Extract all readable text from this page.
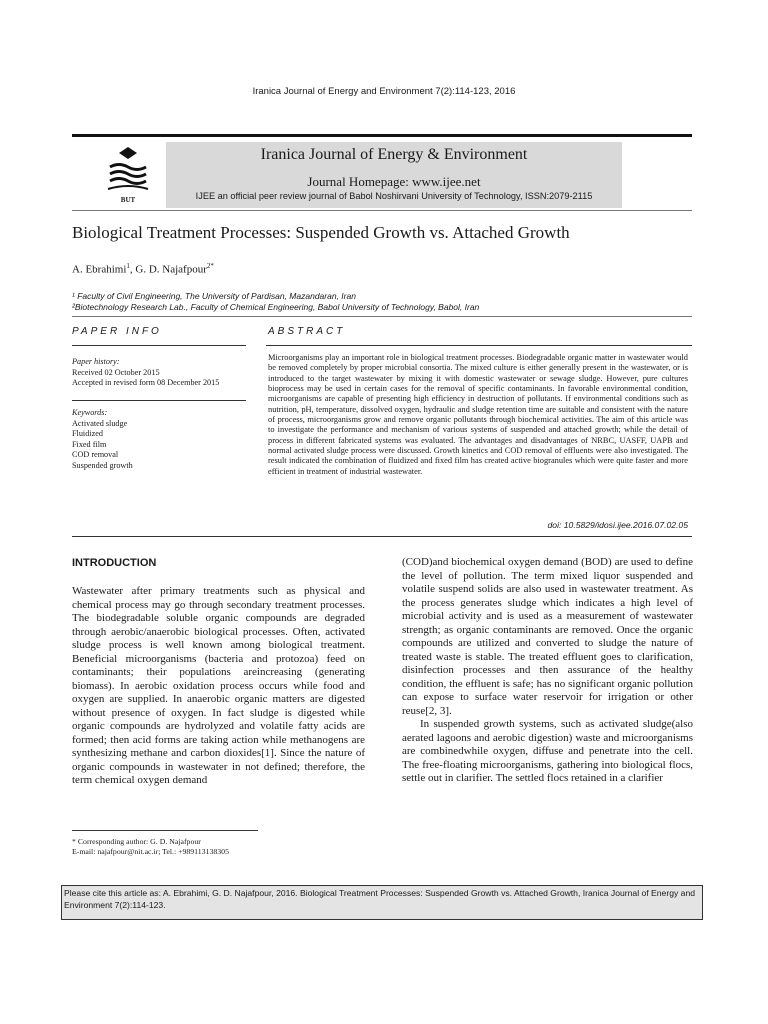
Iranica Journal of Energy and Environment 7(2):114-123, 2016
BUT
Iranica Journal of Energy & Environment
Journal Homepage: www.ijee.net
IJEE an official peer review journal of Babol Noshirvani University of Technology, ISSN:2079-2115
Biological Treatment Processes: Suspended Growth vs. Attached Growth
A. Ebrahimi$^1$, G. D. Najafpour$^{2*}$
¹ Faculty of Civil Engineering, The University of Pardisan, Mazandaran, Iran
²Biotechnology Research Lab., Faculty of Chemical Engineering, Babol University of Technology, Babol, Iran
PAPER INFO	ABSTRACT
Paper history:
Received 02 October 2015
Accepted in revised form 08 December 2015
Keywords:
Activated sludge
Fluidized
Fixed film
COD removal
Suspended growth
Microorganisms play an important role in biological treatment processes. Biodegradable organic matter in wastewater would be removed completely by proper microbial consortia. The mixed culture is either generally present in the wastewater, or is introduced to the target wastewater by mixing it with domestic wastewater or sewage sludge. However, pure cultures bioprocess may be used in certain cases for the removal of specific contaminants. In favorable environmental condition, microorganisms are capable of presenting high efficiency in destruction of pollutants. If environmental conditions such as nutrition, pH, temperature, dissolved oxygen, hydraulic and sludge retention time are suitable and consistent with the nature of process, microorganisms grow and remove organic pollutants through biochemical activities. The aim of this article was to investigate the performance and mechanism of various systems of suspended and attached growth; while the detail of process in different fabricated systems was evaluated. The advantages and disadvantages of NRBC, UASFF, UAPB and normal activated sludge process were discussed. Growth kinetics and COD removal of effluents were also investigated. The result indicated the combination of fluidized and fixed film has created active biogranules which were quite faster and more efficient in treatment of industrial wastewater.
doi: 10.5829/idosi.ijee.2016.07.02.05
INTRODUCTION

Wastewater after primary treatments such as physical and chemical process may go through secondary treatment processes. The biodegradable soluble organic compounds are degraded through aerobic/anaerobic biological processes. Often, activated sludge process is well known among biological treatment. Beneficial microorganisms (bacteria and protozoa) feed on contaminants; their populations areincreasing (generating biomass). In aerobic oxidation process occurs while food and oxygen are supplied. In anaerobic organic matters are digested without presence of oxygen. In fact sludge is digested while organic compounds are hydrolyzed and volatile fatty acids are formed; then acid forms are taking action while methanogens are synthesizing methane and carbon dioxides[1]. Since the nature of organic compounds in wastewater in not defined; therefore, the term chemical oxygen demand

(COD)and biochemical oxygen demand (BOD) are used to define the level of pollution. The term mixed liquor suspended and volatile suspend solids are also used in wastewater treatment. As the process generates sludge which indicates a high level of microbial activity and is used as a measurement of wastewater strength; as organic contaminants are removed. Once the organic compounds are utilized and converted to sludge the nature of treated waste is stable. The treated effluent goes to clarification, disinfection processes and then assurance of the healthy condition, the effluent is safe; has no significant organic pollution can expose to surface water reservoir for irrigation or other reuse[2, 3].

In suspended growth systems, such as activated sludge(also aerated lagoons and aerobic digestion) waste and microorganisms are combinedwhile oxygen, diffuse and penetrate into the cell. The free-floating microorganisms, gathering into biological flocs, settle out in clarifier. The settled flocs retained in a clarifier

* Corresponding author: G. D. Najafpour
E-mail: najafpour@nit.ac.ir; Tel.: +989113138305
Please cite this article as: A. Ebrahimi, G. D. Najafpour, 2016. Biological Treatment Processes: Suspended Growth vs. Attached Growth, Iranica Journal of Energy and Environment 7(2):114-123.
